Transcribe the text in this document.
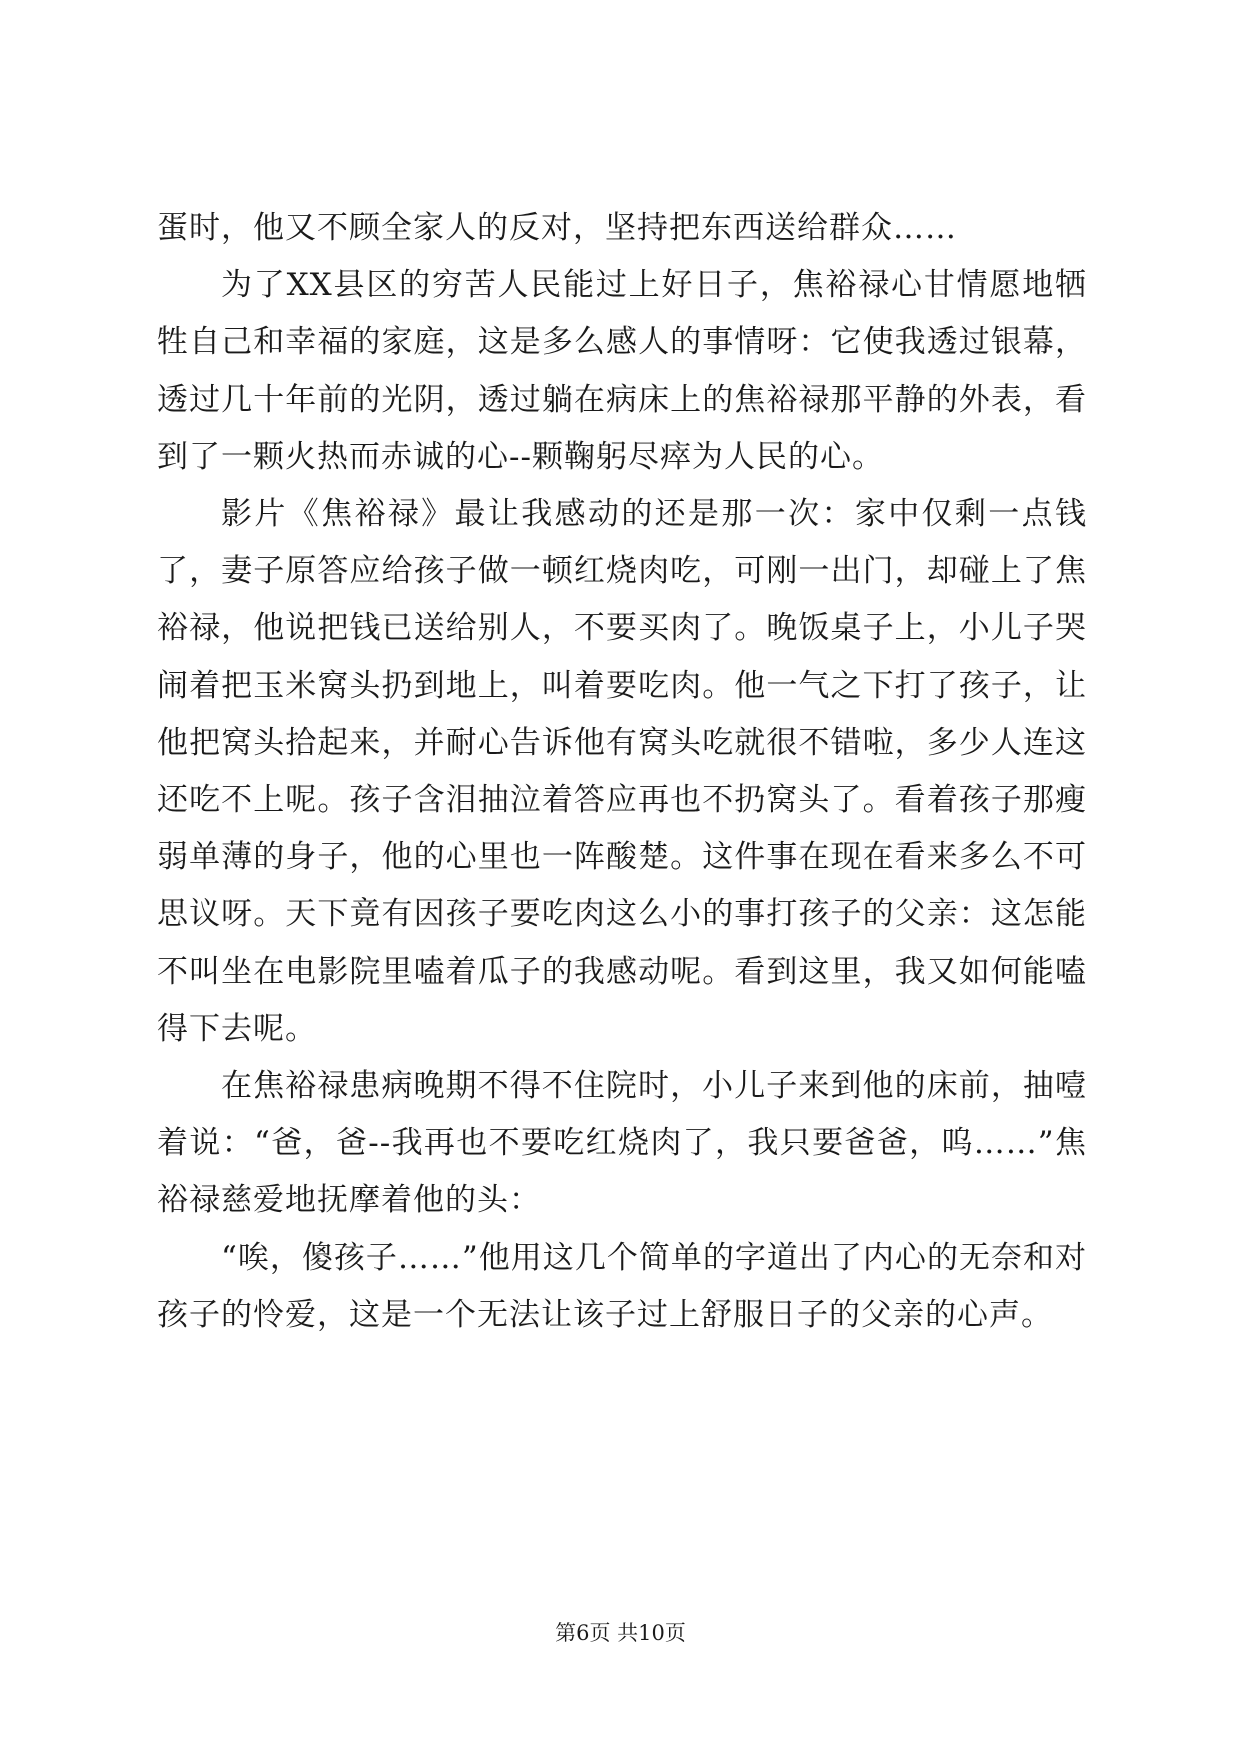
蛋时，他又不顾全家人的反对，坚持把东西送给群众……

为了XX县区的穷苦人民能过上好日子，焦裕禄心甘情愿地牺牲自己和幸福的家庭，这是多么感人的事情呀：它使我透过银幕，透过几十年前的光阴，透过躺在病床上的焦裕禄那平静的外表，看到了一颗火热而赤诚的心--颗鞠躬尽瘁为人民的心。

影片《焦裕禄》最让我感动的还是那一次：家中仅剩一点钱了，妻子原答应给孩子做一顿红烧肉吃，可刚一出门，却碰上了焦裕禄，他说把钱已送给别人，不要买肉了。晚饭桌子上，小儿子哭闹着把玉米窝头扔到地上，叫着要吃肉。他一气之下打了孩子，让他把窝头拾起来，并耐心告诉他有窝头吃就很不错啦，多少人连这还吃不上呢。孩子含泪抽泣着答应再也不扔窝头了。看着孩子那瘦弱单薄的身子，他的心里也一阵酸楚。这件事在现在看来多么不可思议呀。天下竟有因孩子要吃肉这么小的事打孩子的父亲：这怎能不叫坐在电影院里嗑着瓜子的我感动呢。看到这里，我又如何能嗑得下去呢。

在焦裕禄患病晚期不得不住院时，小儿子来到他的床前，抽噎着说：“爸，爸--我再也不要吃红烧肉了，我只要爸爸，呜……”焦裕禄慈爱地抚摩着他的头：

“唉，傻孩子……”他用这几个简单的字道出了内心的无奈和对孩子的怜爱，这是一个无法让该子过上舒服日子的父亲的心声。

第6页 共10页
